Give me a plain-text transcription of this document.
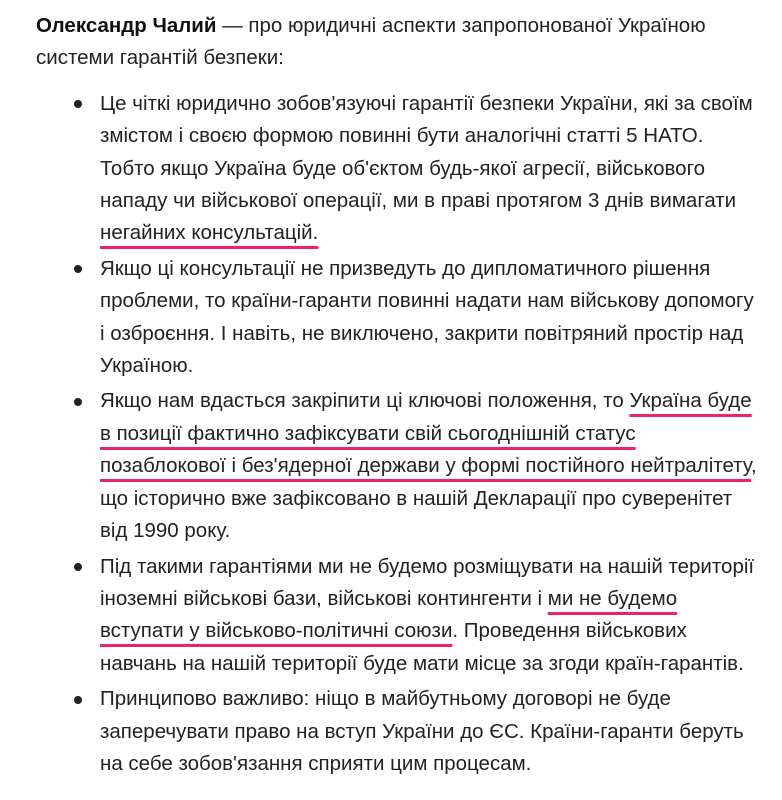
Олександр Чалий — про юридичні аспекти запропонованої Україною системи гарантій безпеки:

Це чіткі юридично зобов'язуючі гарантії безпеки України, які за своїм змістом і своєю формою повинні бути аналогічні статті 5 НАТО. Тобто якщо Україна буде об'єктом будь-якої агресії, військового нападу чи військової операції, ми в праві протягом 3 днів вимагати негайних консультацій.
Якщо ці консультації не призведуть до дипломатичного рішення проблеми, то країни-гаранти повинні надати нам військову допомогу і озброєння. І навіть, не виключено, закрити повітряний простір над Україною.
Якщо нам вдасться закріпити ці ключові положення, то Україна буде в позиції фактично зафіксувати свій сьогоднішній статус позаблокової і без'ядерної держави у формі постійного нейтралітету, що історично вже зафіксовано в нашій Декларації про суверенітет від 1990 року.
Під такими гарантіями ми не будемо розміщувати на нашій території іноземні військові бази, військові контингенти і ми не будемо вступати у військово-політичні союзи. Проведення військових навчань на нашій території буде мати місце за згоди країн-гарантів.
Принципово важливо: ніщо в майбутньому договорі не буде заперечувати право на вступ України до ЄС. Країни-гаранти беруть на себе зобов'язання сприяти цим процесам.
